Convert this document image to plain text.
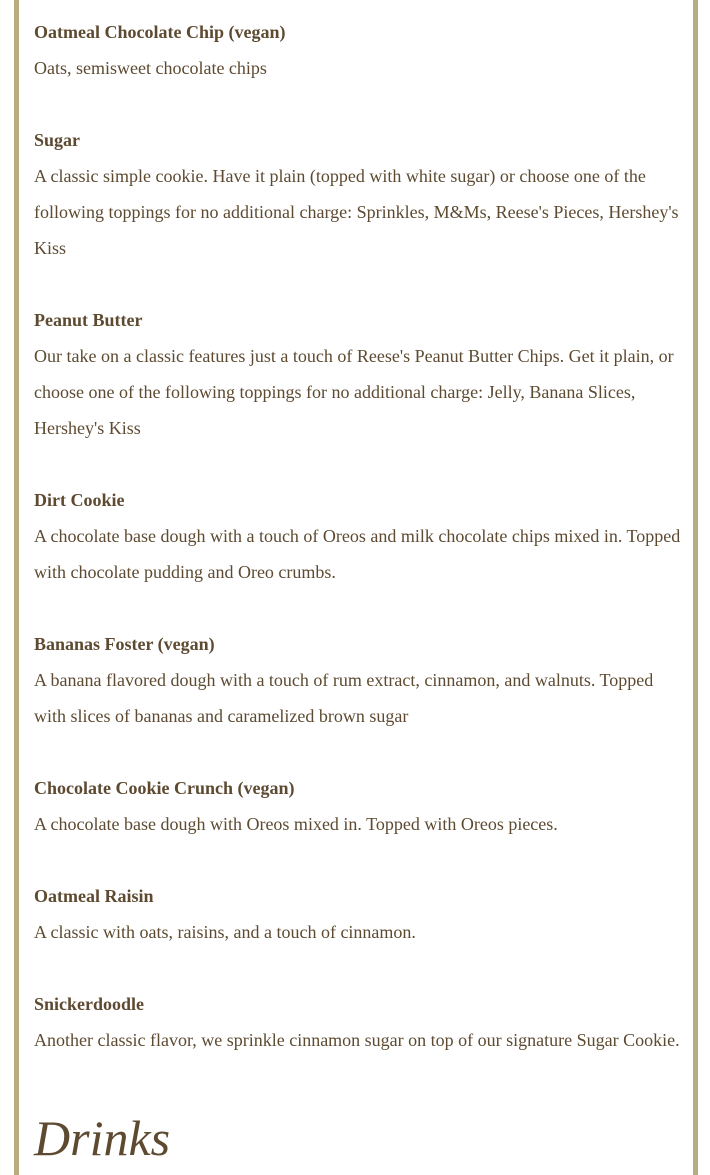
Oatmeal Chocolate Chip (vegan)

Oats, semisweet chocolate chips

Sugar

A classic simple cookie. Have it plain (topped with white sugar) or choose one of the following toppings for no additional charge: Sprinkles, M&Ms, Reese's Pieces, Hershey's Kiss

Peanut Butter

Our take on a classic features just a touch of Reese's Peanut Butter Chips. Get it plain, or choose one of the following toppings for no additional charge: Jelly, Banana Slices, Hershey's Kiss

Dirt Cookie

A chocolate base dough with a touch of Oreos and milk chocolate chips mixed in. Topped with chocolate pudding and Oreo crumbs.

Bananas Foster (vegan)

A banana flavored dough with a touch of rum extract, cinnamon, and walnuts. Topped with slices of bananas and caramelized brown sugar

Chocolate Cookie Crunch (vegan)

A chocolate base dough with Oreos mixed in. Topped with Oreos pieces.

Oatmeal Raisin

A classic with oats, raisins, and a touch of cinnamon.

Snickerdoodle

Another classic flavor, we sprinkle cinnamon sugar on top of our signature Sugar Cookie.

Drinks
